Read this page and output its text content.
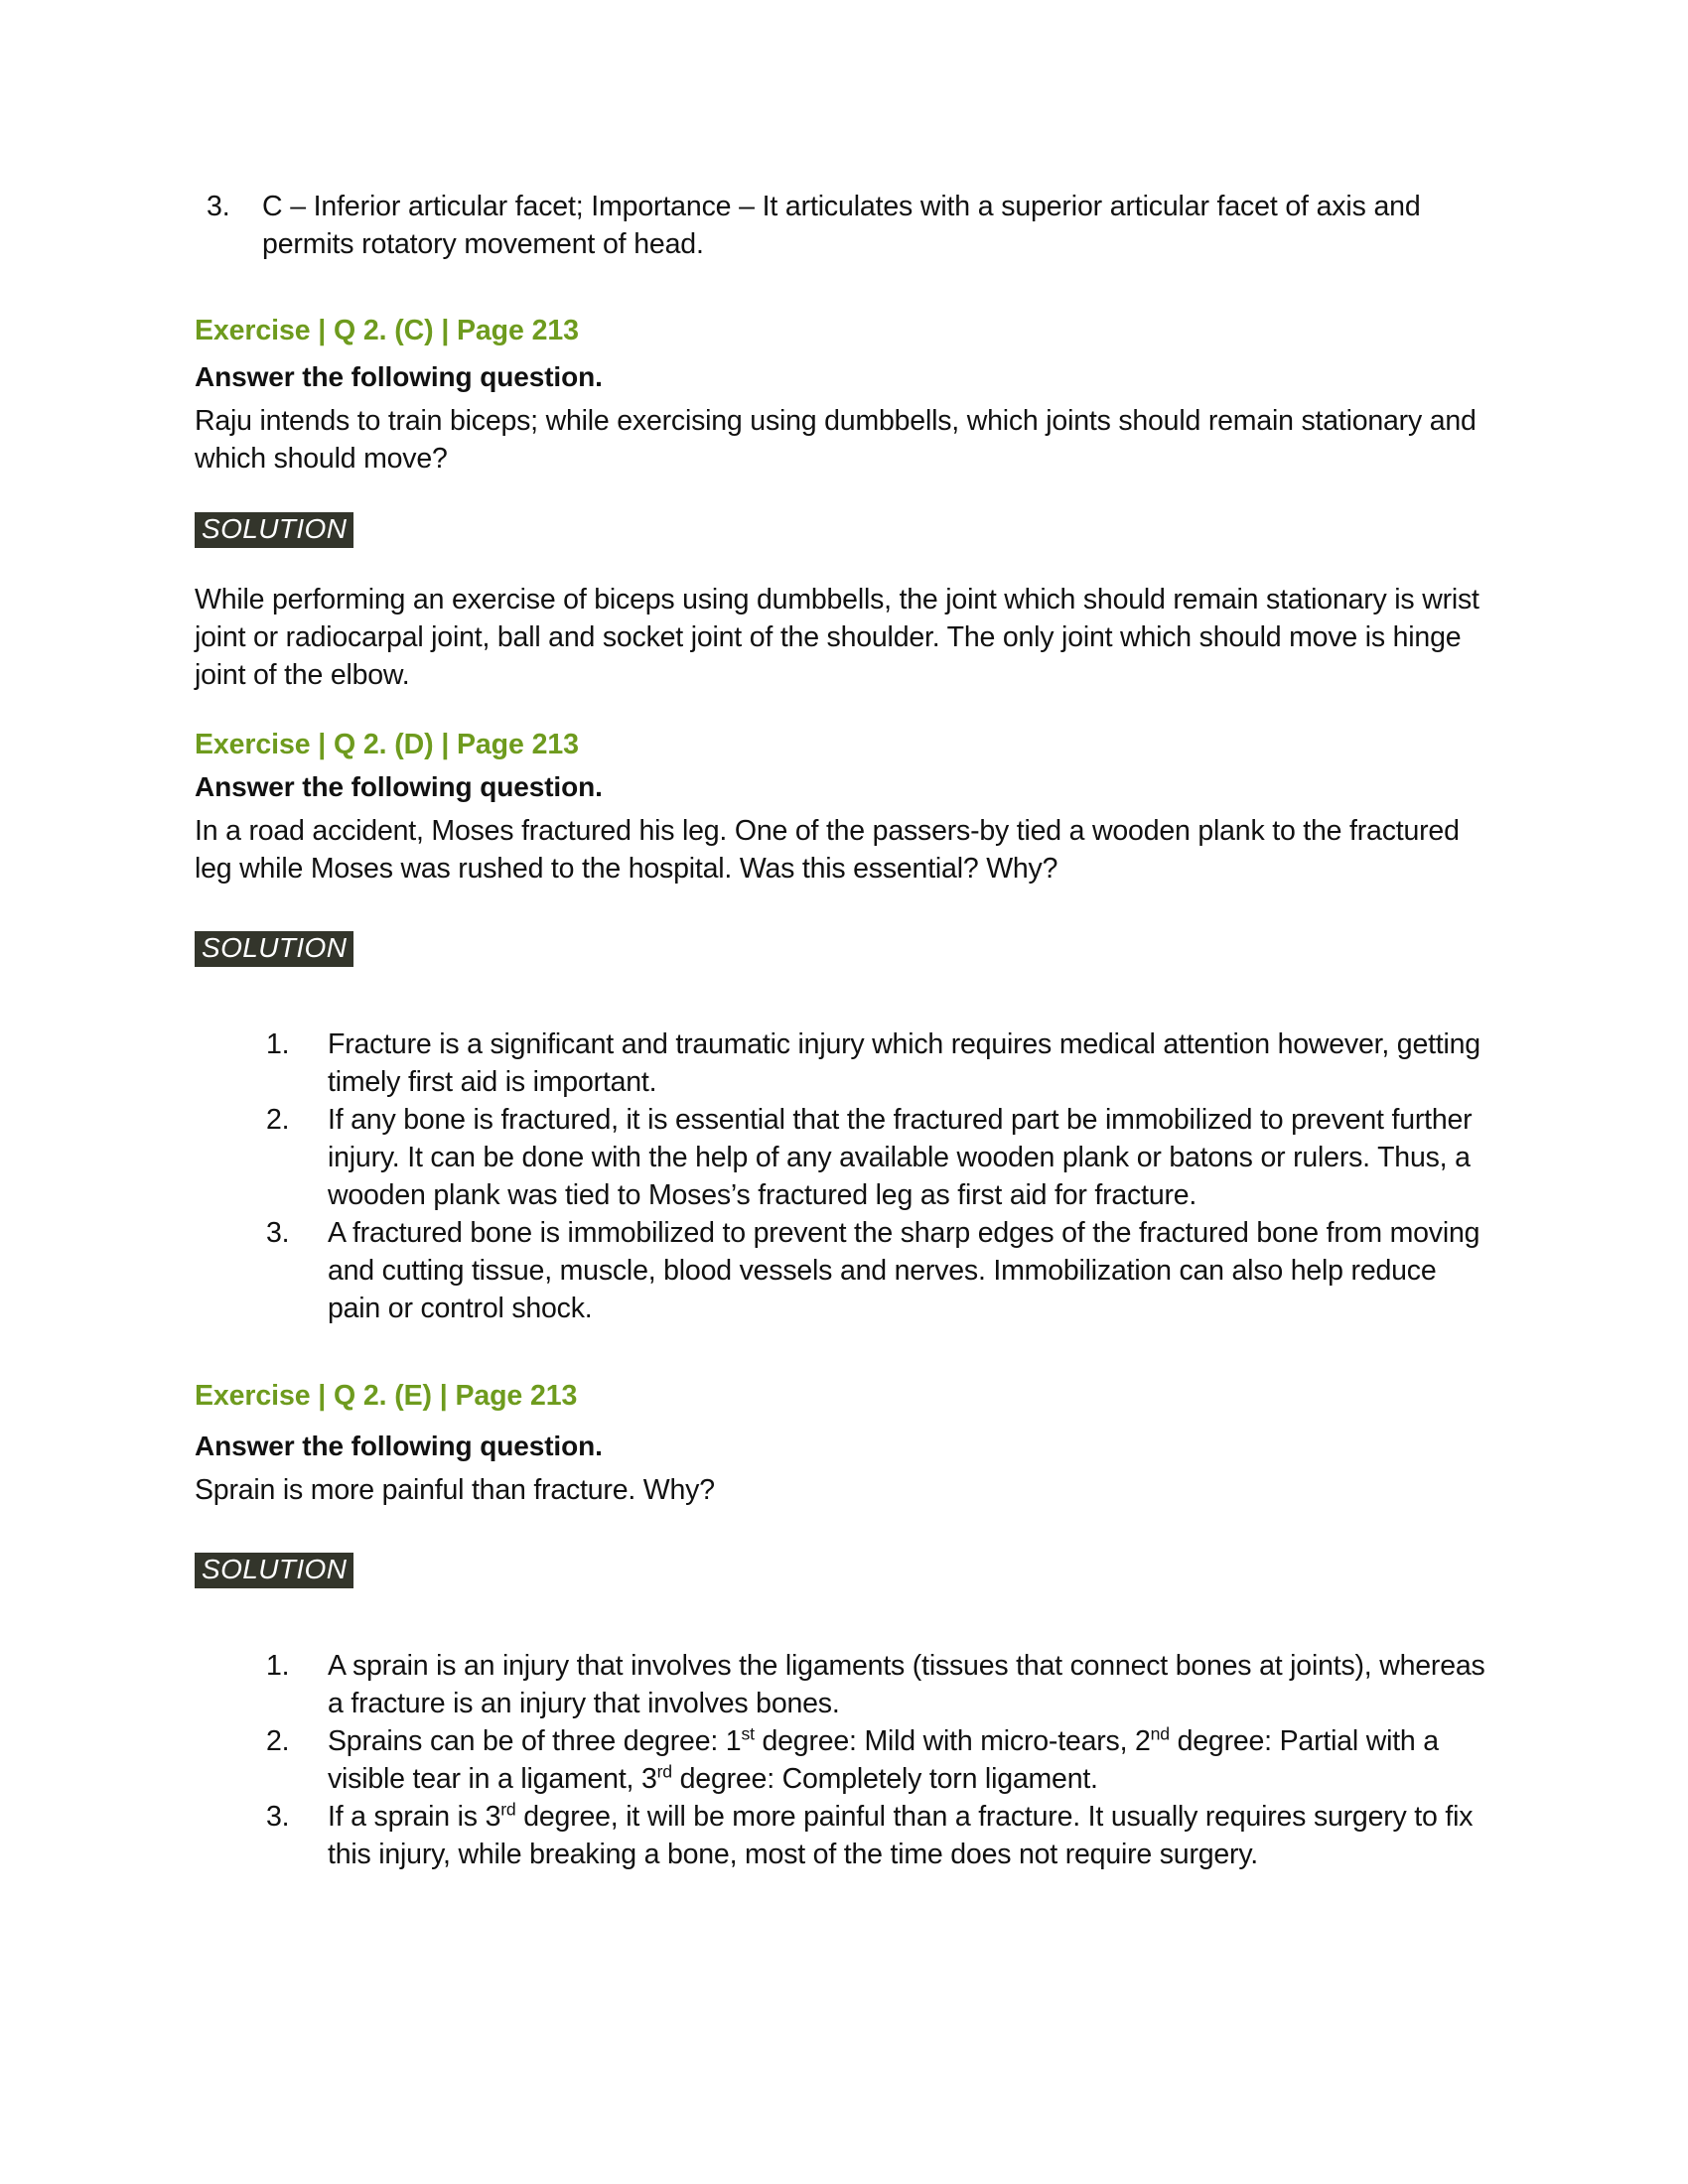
3.	C – Inferior articular facet; Importance – It articulates with a superior articular facet of axis and permits rotatory movement of head.
Exercise | Q 2. (C) | Page 213
Answer the following question.
Raju intends to train biceps; while exercising using dumbbells, which joints should remain stationary and which should move?
SOLUTION
While performing an exercise of biceps using dumbbells, the joint which should remain stationary is wrist joint or radiocarpal joint, ball and socket joint of the shoulder. The only joint which should move is hinge joint of the elbow.
Exercise | Q 2. (D) | Page 213
Answer the following question.
In a road accident, Moses fractured his leg. One of the passers-by tied a wooden plank to the fractured leg while Moses was rushed to the hospital. Was this essential? Why?
SOLUTION
1. Fracture is a significant and traumatic injury which requires medical attention however, getting timely first aid is important.
2. If any bone is fractured, it is essential that the fractured part be immobilized to prevent further injury. It can be done with the help of any available wooden plank or batons or rulers. Thus, a wooden plank was tied to Moses’s fractured leg as first aid for fracture.
3. A fractured bone is immobilized to prevent the sharp edges of the fractured bone from moving and cutting tissue, muscle, blood vessels and nerves. Immobilization can also help reduce pain or control shock.
Exercise | Q 2. (E) | Page 213
Answer the following question.
Sprain is more painful than fracture. Why?
SOLUTION
1. A sprain is an injury that involves the ligaments (tissues that connect bones at joints), whereas a fracture is an injury that involves bones.
2. Sprains can be of three degree: 1st degree: Mild with micro-tears, 2nd degree: Partial with a visible tear in a ligament, 3rd degree: Completely torn ligament.
3. If a sprain is 3rd degree, it will be more painful than a fracture. It usually requires surgery to fix this injury, while breaking a bone, most of the time does not require surgery.
